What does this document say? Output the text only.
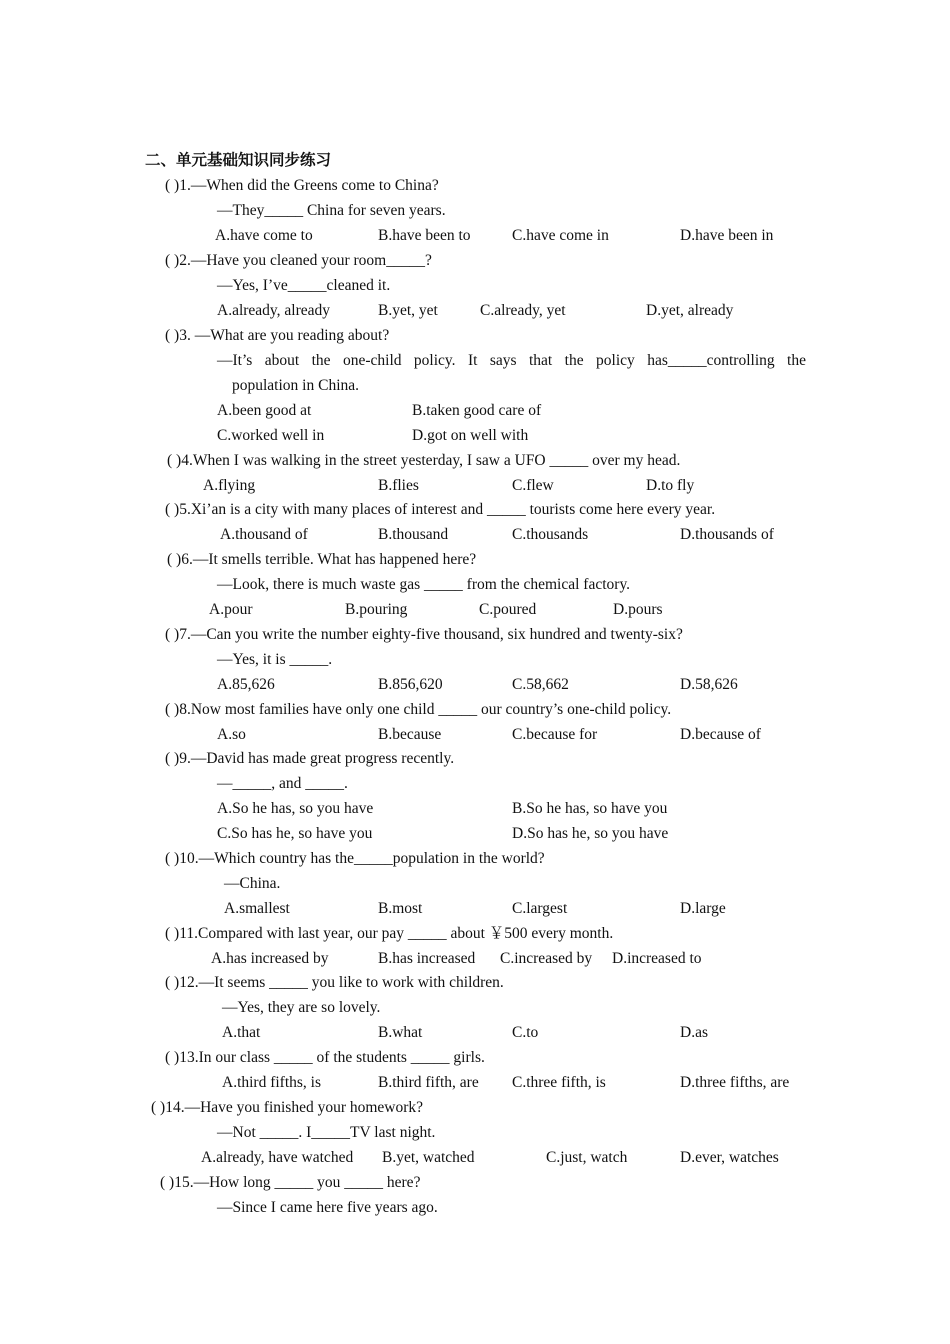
二、单元基础知识同步练习
( )1.—When did the Greens come to China?
—They_____ China for seven years.
A.have come to	B.have been to	C.have come in	D.have been in
( )2.—Have you cleaned your room_____?
—Yes, I’ve_____cleaned it.
A.already, already	B.yet, yet	C.already, yet	D.yet, already
( )3. —What are you reading about?
—It’s about the one-child policy. It says that the policy has_____controlling the
population in China.
A.been good at	B.taken good care of
C.worked well in	D.got on well with
( )4.When I was walking in the street yesterday, I saw a UFO _____ over my head.
A.flying	B.flies	C.flew	D.to fly
( )5.Xi’an is a city with many places of interest and _____ tourists come here every year.
A.thousand of	B.thousand	C.thousands	D.thousands of
( )6.—It smells terrible. What has happened here?
—Look, there is much waste gas _____ from the chemical factory.
A.pour	B.pouring	C.poured	D.pours
( )7.—Can you write the number eighty-five thousand, six hundred and twenty-six?
—Yes, it is _____.
A.85,626	B.856,620	C.58,662	D.58,626
( )8.Now most families have only one child _____ our country’s one-child policy.
A.so	B.because	C.because for	D.because of
( )9.—David has made great progress recently.
—_____, and _____.
A.So he has, so you have	B.So he has, so have you
C.So has he, so have you	D.So has he, so you have
( )10.—Which country has the_____population in the world?
—China.
A.smallest	B.most	C.largest	D.large
( )11.Compared with last year, our pay _____ about ￥500 every month.
A.has increased by	B.has increased C.increased by D.increased to
( )12.—It seems _____ you like to work with children.
—Yes, they are so lovely.
A.that	B.what	C.to	D.as
( )13.In our class _____ of the students _____ girls.
A.third fifths, is	B.third fifth, are C.three fifth, is	D.three fifths, are
( )14.—Have you finished your homework?
—Not _____. I_____TV last night.
A.already, have watched B.yet, watched	C.just, watch	D.ever, watches
( )15.—How long _____ you _____ here?
—Since I came here five years ago.
